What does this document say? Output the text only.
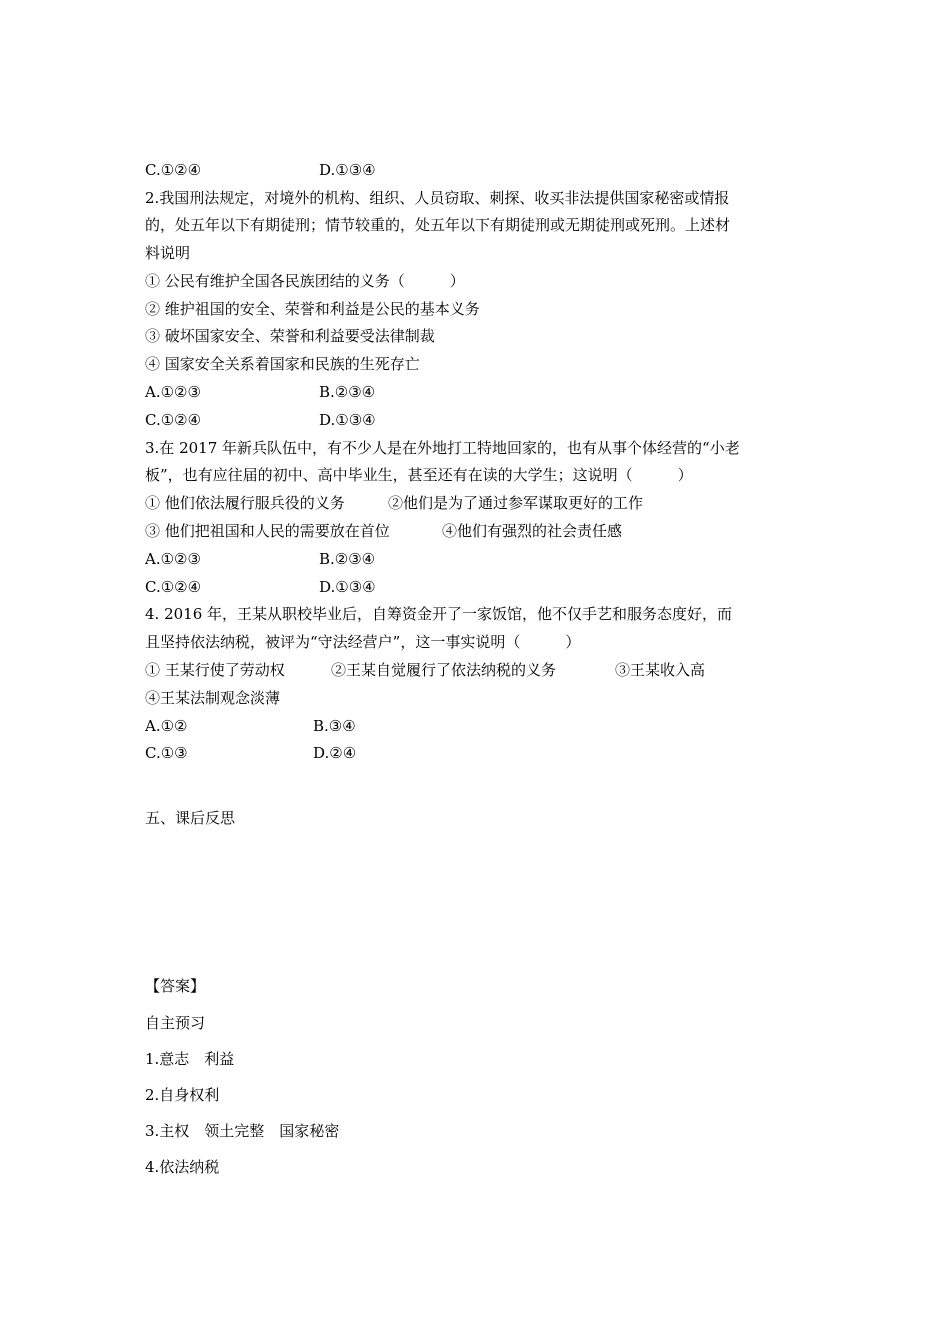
C.①②④	D.①③④
2.我国刑法规定，对境外的机构、组织、人员窃取、刺探、收买非法提供国家秘密或情报
的，处五年以下有期徒刑；情节较重的，处五年以下有期徒刑或无期徒刑或死刑。上述材
料说明
① 公民有维护全国各民族团结的义务（　　　）
② 维护祖国的安全、荣誉和利益是公民的基本义务
③ 破坏国家安全、荣誉和利益要受法律制裁
④ 国家安全关系着国家和民族的生死存亡
A.①②③	B.②③④
C.①②④	D.①③④
3.在 2017 年新兵队伍中，有不少人是在外地打工特地回家的，也有从事个体经营的“小老
板”，也有应往届的初中、高中毕业生，甚至还有在读的大学生；这说明（　　　）
① 他们依法履行服兵役的义务	②他们是为了通过参军谋取更好的工作
③ 他们把祖国和人民的需要放在首位	④他们有强烈的社会责任感
A.①②③	B.②③④
C.①②④	D.①③④
4. 2016 年，王某从职校毕业后，自筹资金开了一家饭馆，他不仅手艺和服务态度好，而
且坚持依法纳税，被评为“守法经营户”，这一事实说明（　　　）
① 王某行使了劳动权	②王某自觉履行了依法纳税的义务	③王某收入高
④王某法制观念淡薄
A.①②	B.③④
C.①③	D.②④
五、课后反思
【答案】
自主预习
1.意志　利益
2.自身权利
3.主权　领土完整　国家秘密
4.依法纳税
